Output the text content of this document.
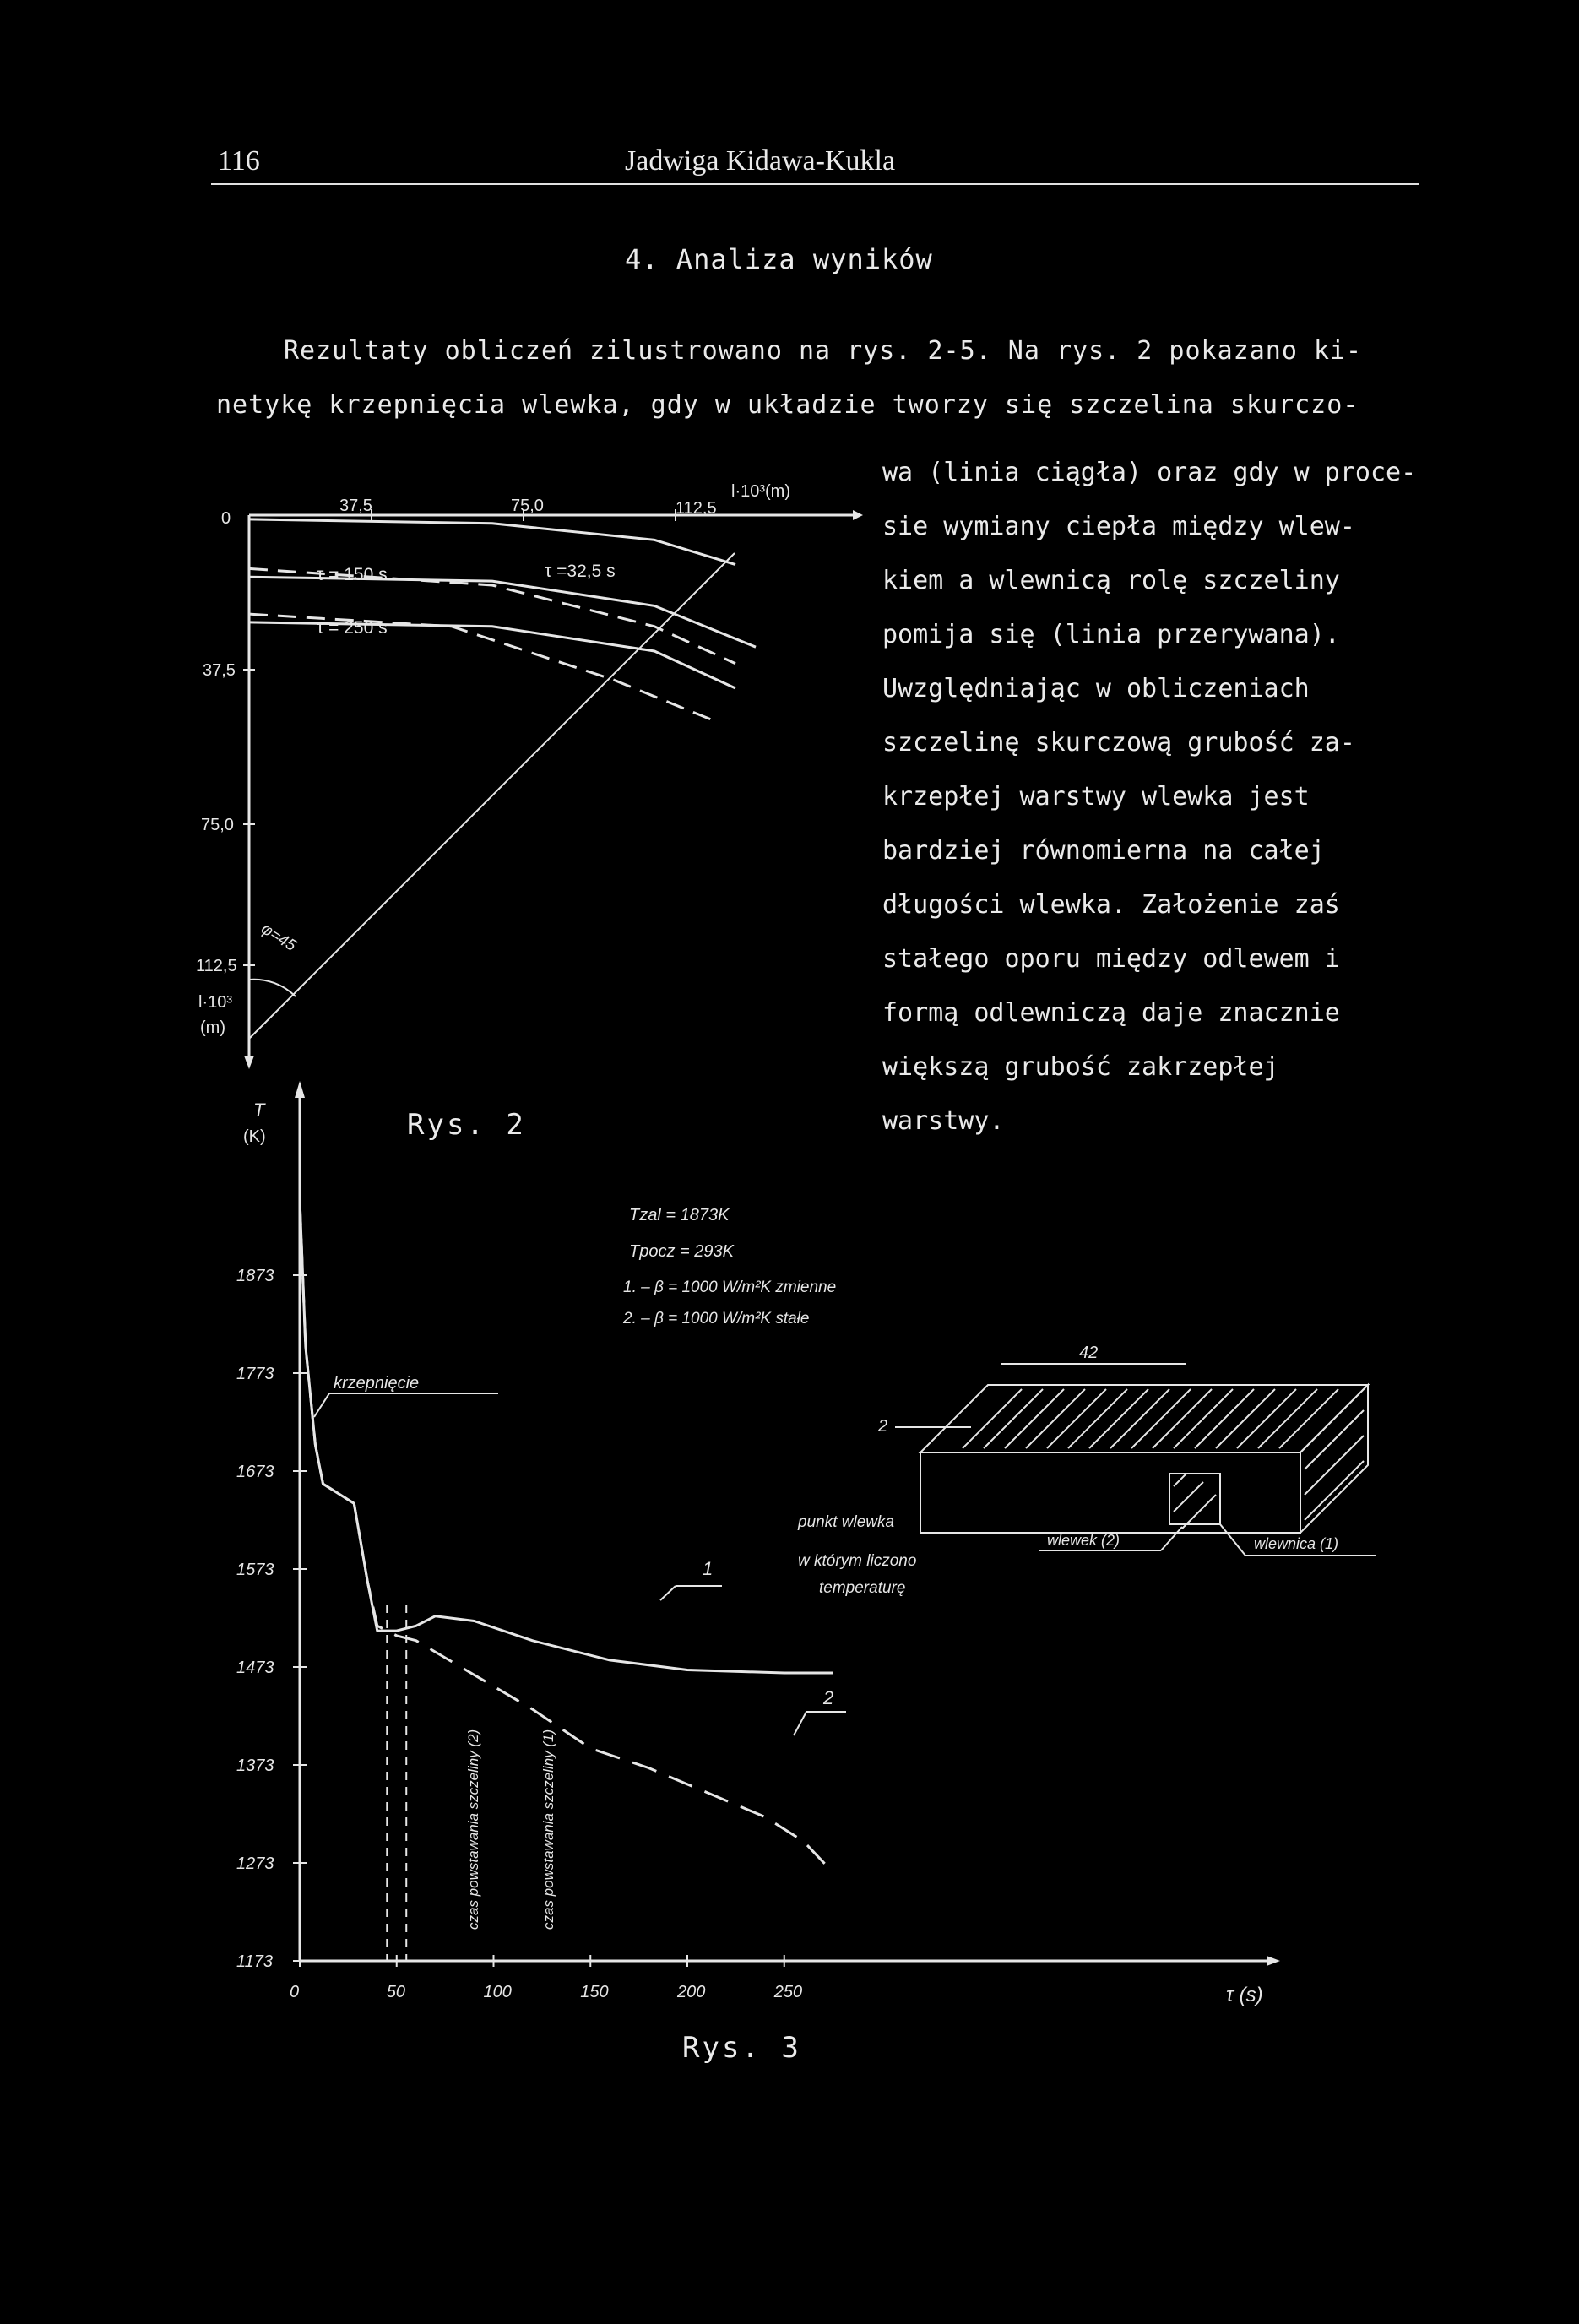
116	Jadwiga Kidawa-Kukla
4. Analiza wyników
Rezultaty obliczeń zilustrowano na rys. 2-5. Na rys. 2 pokazano ki-
netykę krzepnięcia wlewka, gdy w układzie tworzy się szczelina skurczo-
wa (linia ciągła) oraz gdy w proce-
sie wymiany ciepła między wlew-
kiem a wlewnicą rolę szczeliny
pomija się (linia przerywana).
Uwzględniając w obliczeniach
szczelinę skurczową grubość za-
krzepłej warstwy wlewka jest
bardziej równomierna na całej
długości wlewka. Założenie zaś
stałego oporu między odlewem i
formą odlewniczą daje znacznie
większą grubość zakrzepłej
warstwy.
37,5	75,0	112,5
l·10³(m)
0
37,5
75,0
112,5
l·10³
(m)
τ = 150 s
τ = 250 s
τ =32,5 s
φ=45
1873
1773
1673
1573
1473
1373
1273
1173
0	50	100	150	200	250
T
(K)
τ (s)
Tzal = 1873K
Tpocz = 293K
1. – β = 1000 W/m²K zmienne
2. – β = 1000 W/m²K stałe
krzepnięcie
punkt wlewka
w którym liczono
temperaturę
1
2
czas powstawania szczeliny (2)	czas powstawania szczeliny (1)
42
2
wlewek (2)	wlewnica (1)
Rys. 2
Rys. 3
